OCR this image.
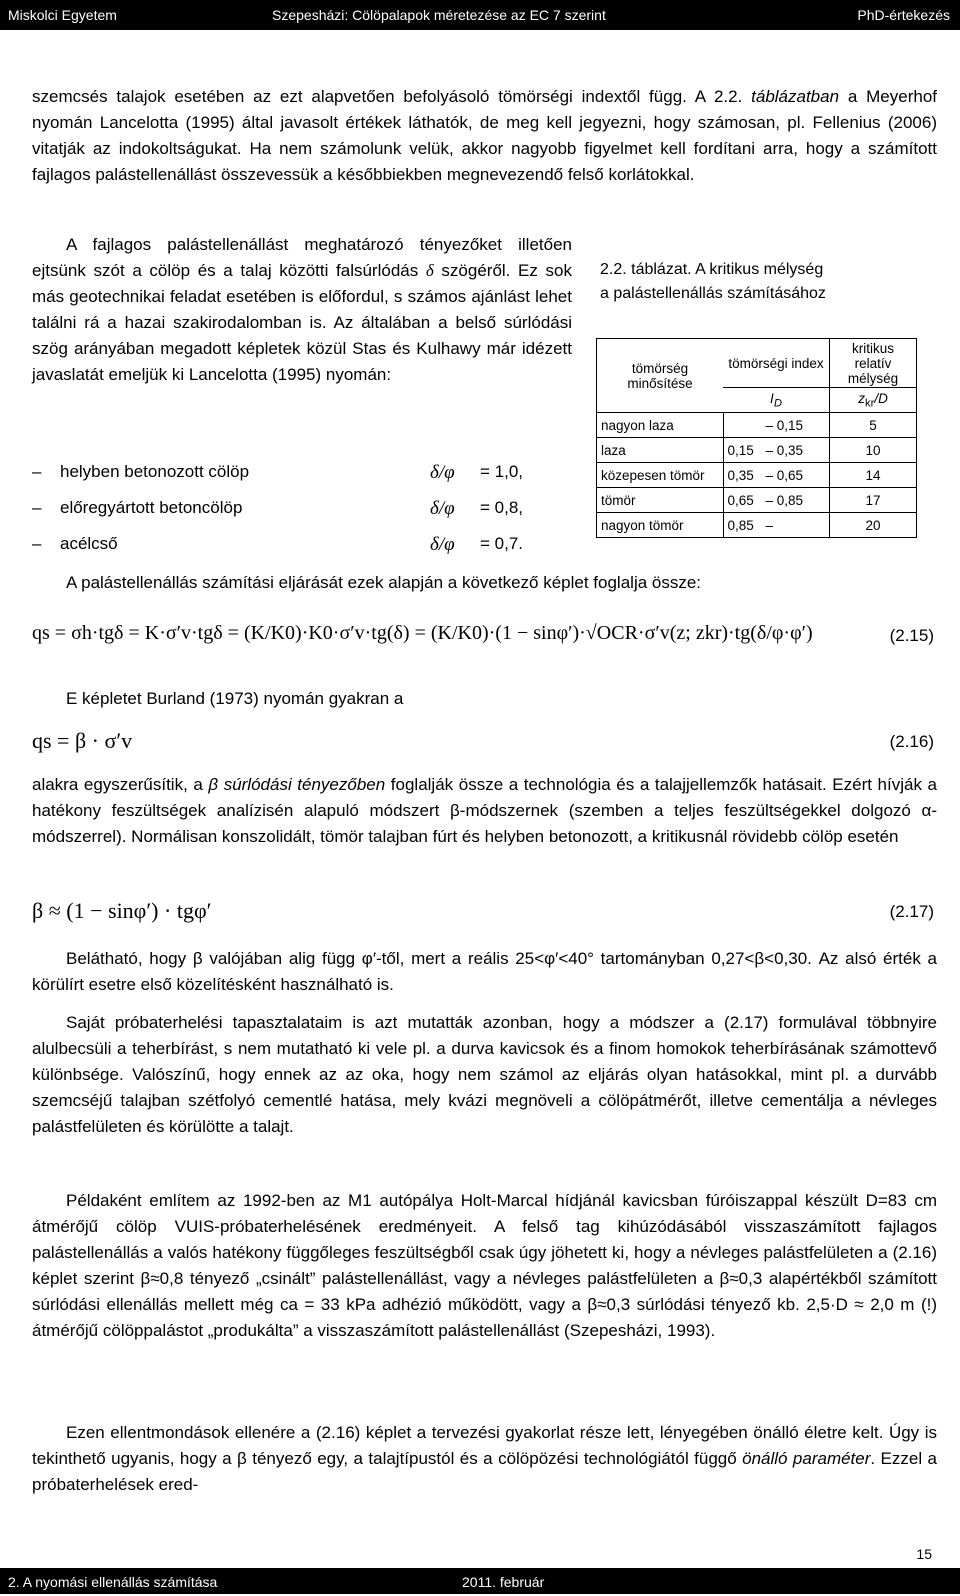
Miskolci Egyetem	Szepesházi: Cölöpalapok méretezése az EC 7 szerint	PhD-értekezés

szemcsés talajok esetében az ezt alapvetően befolyásoló tömörségi indextől függ. A 2.2. táblázatban a Meyerhof nyomán Lancelotta (1995) által javasolt értékek láthatók, de meg kell jegyezni, hogy számosan, pl. Fellenius (2006) vitatják az indokoltságukat. Ha nem számolunk velük, akkor nagyobb figyelmet kell fordítani arra, hogy a számított fajlagos palástellenállást összevessük a későbbiekben megnevezendő felső korlátokkal.

A fajlagos palástellenállást meghatározó tényezőket illetően ejtsünk szót a cölöp és a talaj közötti falsúrlódás δ szögéről. Ez sok más geotechnikai feladat esetében is előfordul, s számos ajánlást lehet találni rá a hazai szakirodalomban is. Az általában a belső súrlódási szög arányában megadott képletek közül Stas és Kulhawy már idézett javaslatát emeljük ki Lancelotta (1995) nyomán:

– helyben betonozott cölöp	δ/φ = 1,0,
– előregyártott betoncölöp	δ/φ = 0,8,
– acélcső	δ/φ = 0,7.
2.2. táblázat. A kritikus mélység
a palástellenállás számításához
tömörség minősítése	tömörségi index	kritikus relatív mélység
	$I_D$	$z_{kr}/D$
nagyon laza	– 0,15	5
laza	0,15 – 0,35	10
közepesen tömör	0,35 – 0,65	14
tömör	0,65 – 0,85	17
nagyon tömör	0,85 –	20

A palástellenállás számítási eljárását ezek alapján a következő képlet foglalja össze:

qs = σh·tgδ = K·σ′v·tgδ = (K/K0)·K0·σ′v·tg(δ) = (K/K0)·(1 − sinφ′)·√OCR·σ′v(z; zkr)·tg(δ/φ·φ′)	(2.15)

E képletet Burland (1973) nyomán gyakran a

qs = β · σ′v	(2.16)

alakra egyszerűsítik, a β súrlódási tényezőben foglalják össze a technológia és a talajjellemzők hatásait. Ezért hívják a hatékony feszültségek analízisén alapuló módszert β-módszernek (szemben a teljes feszültségekkel dolgozó α-módszerrel). Normálisan konszolidált, tömör talajban fúrt és helyben betonozott, a kritikusnál rövidebb cölöp esetén

β ≈ (1 − sinφ′) · tgφ′	(2.17)

Belátható, hogy β valójában alig függ φ′-től, mert a reális 25<φ′<40° tartományban 0,27<β<0,30. Az alsó érték a körülírt esetre első közelítésként használható is.

Saját próbaterhelési tapasztalataim is azt mutatták azonban, hogy a módszer a (2.17) formulával többnyire alulbecsüli a teherbírást, s nem mutatható ki vele pl. a durva kavicsok és a finom homokok teherbírásának számottevő különbsége. Valószínű, hogy ennek az az oka, hogy nem számol az eljárás olyan hatásokkal, mint pl. a durvább szemcséjű talajban szétfolyó cementlé hatása, mely kvázi megnöveli a cölöpátmérőt, illetve cementálja a névleges palástfelületen és körülötte a talajt.

Példaként említem az 1992-ben az M1 autópálya Holt-Marcal hídjánál kavicsban fúróiszappal készült D=83 cm átmérőjű cölöp VUIS-próbaterhelésének eredményeit. A felső tag kihúzódásából visszaszámított fajlagos palástellenállás a valós hatékony függőleges feszültségből csak úgy jöhetett ki, hogy a névleges palástfelületen a (2.16) képlet szerint β≈0,8 tényező „csinált” palástellenállást, vagy a névleges palástfelületen a β≈0,3 alapértékből számított súrlódási ellenállás mellett még ca = 33 kPa adhézió működött, vagy a β≈0,3 súrlódási tényező kb. 2,5·D ≈ 2,0 m (!) átmérőjű cölöppalástot „produkálta” a visszaszámított palástellenállást (Szepesházi, 1993).

Ezen ellentmondások ellenére a (2.16) képlet a tervezési gyakorlat része lett, lényegében önálló életre kelt. Úgy is tekinthető ugyanis, hogy a β tényező egy, a talajtípustól és a cölöpözési technológiától függő önálló paraméter. Ezzel a próbaterhelések ered-

15
2. A nyomási ellenállás számítása	2011. február
